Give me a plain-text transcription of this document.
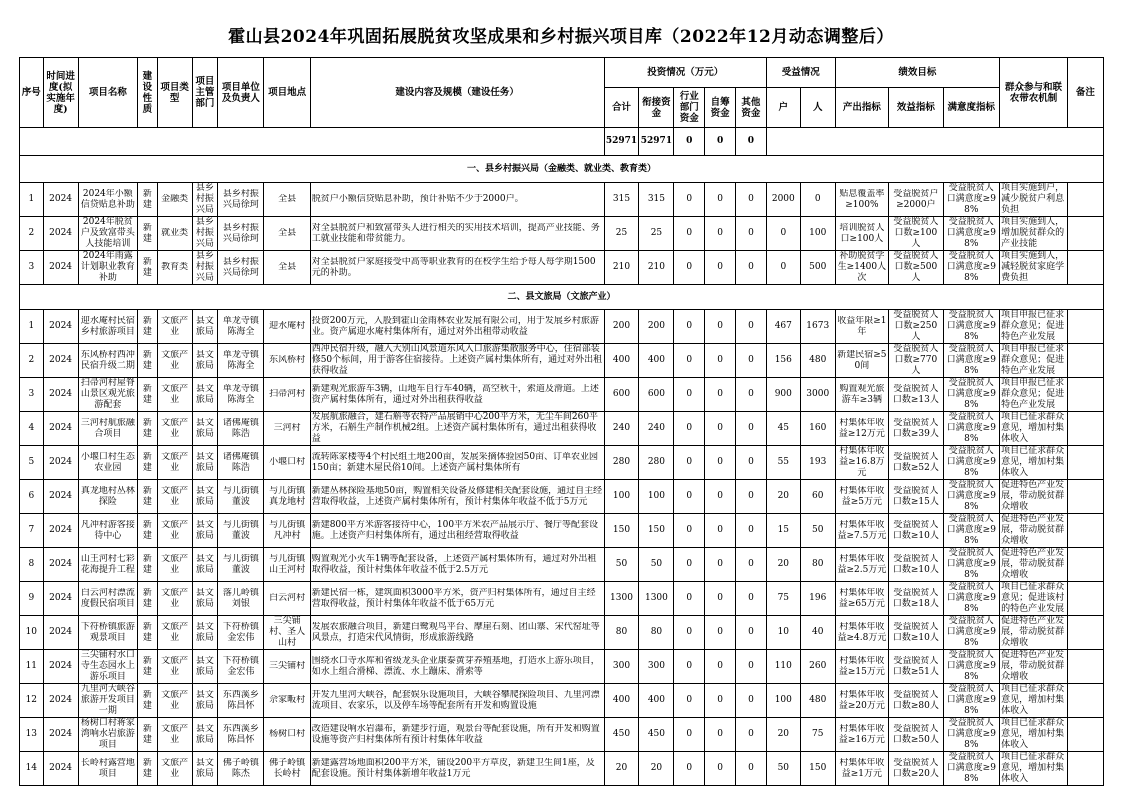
霍山县2024年巩固拓展脱贫攻坚成果和乡村振兴项目库（2022年12月动态调整后）
序号	时间进度(拟实施年度)	项目名称	建设性质	项目类型	项目主管部门	项目单位及负责人	项目地点	建设内容及规模（建设任务）	投资情况（万元）					受益情况		绩效目标			群众参与和联农带农机制	备注
									合计	衔接资金	行业部门资金	自筹资金	其他资金	户	人	产出指标	效益指标	满意度指标		
									52971	52971	0	0	0							
一、县乡村振兴局（金融类、就业类、教育类）																				

1	2024	2024年小额信贷贴息补助	新建	金融类	县乡村振兴局	县乡村振兴局徐珂	全县	脱贫户小额信贷贴息补助，预计补贴不少于2000户。	315	315	0	0	0	2000	0	贴息覆盖率≥100%	受益脱贫户≥2000户	受益脱贫人口满意度≥98%	项目实施到户，减少脱贫户利息负担	

2	2024	2024年脱贫户及致富带头人技能培训	新建	就业类	县乡村振兴局	县乡村振兴局徐珂	全县	对全县脱贫户和致富带头人进行相关的实用技术培训，提高产业技能、务工就业技能和带贫能力。	25	25	0	0	0	0	100	培训脱贫人口≥100人	受益脱贫人口数≥100人	受益脱贫人口满意度≥98%	项目实施到人，增加脱贫群众的产业技能	

3	2024	2024年雨露计划职业教育补助	新建	教育类	县乡村振兴局	县乡村振兴局徐珂	全县	对全县脱贫户家庭接受中高等职业教育的在校学生给予每人每学期1500元的补助。	210	210	0	0	0	0	500	补助脱贫学生≥1400人次	受益脱贫人口数≥500人	受益脱贫人口满意度≥98%	项目实施到人，减轻脱贫家庭学费负担	

二、县文旅局（文旅产业）																				

1	2024	迎水庵村民宿乡村旅游项目	新建	文旅产业	县文旅局	单龙寺镇陈海全	迎水庵村	投资200万元，入股到霍山金雨林农业发展有限公司，用于发展乡村旅游业。资产属迎水庵村集体所有，通过对外出租带动收益	200	200	0	0	0	467	1673	收益年限≥1年	受益脱贫人口数≥250人	受益脱贫人口满意度≥98%	项目申报已征求群众意见；促进特色产业发展	

2	2024	东风桥村西冲民宿升级二期	新建	文旅产业	县文旅局	单龙寺镇陈海全	东风桥村	西冲民宿升级，融入大别山风景道东风入口旅游集散服务中心，住宿部装修50个标间，用于游客住宿接待。上述资产属村集体所有，通过对外出租获得收益	400	400	0	0	0	156	480	新建民宿≥50间	受益脱贫人口数≥770人	受益脱贫人口满意度≥98%	项目申报已征求群众意见；促进特色产业发展	

3	2024	扫帚河村屋脊山景区观光旅游配套	新建	文旅产业	县文旅局	单龙寺镇陈海全	扫帚河村	新建观光旅游车3辆，山地车自行车40辆，高空秋千，索道及滑道。上述资产属村集体所有，通过对外出租获得收益	600	600	0	0	0	900	3000	购置观光旅游车≥3辆	受益脱贫人口数≥13人	受益脱贫人口满意度≥98%	项目申报已征求群众意见；促进特色产业发展	

4	2024	三河村航旅融合项目	新建	文旅产业	县文旅局	诸佛庵镇陈浩	三河村	发展航旅融合，建石斛等农特产品展销中心200平方米，无尘车间260平方米，石斛生产制作机械2组。上述资产属村集体所有，通过出租获得收益	240	240	0	0	0	45	160	村集体年收益≥12万元	受益脱贫人口数≥39人	受益脱贫人口满意度≥98%	项目已征求群众意见，增加村集体收入	

5	2024	小堰口村生态农业园	新建	文旅产业	县文旅局	诸佛庵镇陈浩	小堰口村	流转陈家楼等4个村民组土地200亩，发展采摘体验园50亩、订单农业园150亩；新建木屋民俗10间。上述资产属村集体所有	280	280	0	0	0	55	193	村集体年收益≥16.8万元	受益脱贫人口数≥52人	受益脱贫人口满意度≥98%	项目已征求群众意见，增加村集体收入	

6	2024	真龙地村丛林探险	新建	文旅产业	县文旅局	与儿街镇董波	与儿街镇真龙地村	新建丛林探险基地50亩，购置相关设备及修建相关配套设施，通过自主经营取得收益，上述资产属村集体所有，预计村集体年收益不低于5万元	100	100	0	0	0	20	60	村集体年收益≥5万元	受益脱贫人口数≥15人	受益脱贫人口满意度≥98%	促进特色产业发展，带动脱贫群众增收	

7	2024	凡冲村游客接待中心	新建	文旅产业	县文旅局	与儿街镇董波	与儿街镇凡冲村	新建800平方米游客接待中心，100平方米农产品展示厅、餐厅等配套设施。上述资产归村集体所有，通过出租经营取得收益	150	150	0	0	0	15	50	村集体年收益≥7.5万元	受益脱贫人口数≥10人	受益脱贫人口满意度≥98%	促进特色产业发展，带动脱贫群众增收	

8	2024	山王河村七彩花海提升工程	新建	文旅产业	县文旅局	与儿街镇董波	与儿街镇山王河村	购置观光小火车1辆等配套设备，上述资产属村集体所有，通过对外出租取得收益，预计村集体年收益不低于2.5万元	50	50	0	0	0	20	80	村集体年收益≥2.5万元	受益脱贫人口数≥10人	受益脱贫人口满意度≥98%	促进特色产业发展，带动脱贫群众增收	

9	2024	白云河村漂流度假民宿项目	新建	文旅产业	县文旅局	落儿岭镇刘银	白云河村	新建民宿一栋，建筑面积3000平方米，资产归村集体所有，通过自主经营取得收益，预计村集体年收益不低于65万元	1300	1300	0	0	0	75	196	村集体年收益≥65万元	受益脱贫人口数≥18人	受益脱贫人口满意度≥98%	项目已征求群众意见；促进该村的特色产业发展	

10	2024	下符桥镇旅游观景项目	新建	文旅产业	县文旅局	下符桥镇金宏伟	三尖铺村、圣人山村	发展农旅融合项目，新建白鹭观鸟平台、摩崖石刻、团山寨、宋代窑址等风景点，打造宋代风情街，形成旅游线路	80	80	0	0	0	10	40	村集体年收益≥4.8万元	受益脱贫人口数≥10人	受益脱贫人口满意度≥98%	促进特色产业发展，带动脱贫群众增收	

11	2024	三尖铺村水口寺生态园水上游乐项目	新建	文旅产业	县文旅局	下符桥镇金宏伟	三尖铺村	围绕水口寺水库和省级龙头企业康泰黄芽养殖基地，打造水上游乐项目，如水上组合滑梯、漂流、水上蹦床、滑索等	300	300	0	0	0	110	260	村集体年收益≥15万元	受益脱贫人口数≥51人	受益脱贫人口满意度≥98%	促进特色产业发展，带动脱贫群众增收	

12	2024	九里河大峡谷旅游开发项目一期	新建	文旅产业	县文旅局	东西溪乡陈昌怀	佘家畈村	开发九里河大峡谷，配套娱乐设施项目，大峡谷攀爬探险项目、九里河漂流项目、农家乐，以及停车场等配套所有开发和购置设施	400	400	0	0	0	100	480	村集体年收益≥20万元	受益脱贫人口数≥80人	受益脱贫人口满意度≥98%	项目已征求群众意见，增加村集体收入	

13	2024	杨树口村蒋家湾响水岩旅游项目	新建	文旅产业	县文旅局	东西溪乡陈昌怀	杨树口村	改造建设响水岩瀑布，新建步行道，观景台等配套设施，所有开发和购置设施等资产归村集体所有预计村集体年收益	450	450	0	0	0	20	75	村集体年收益≥16万元	受益脱贫人口数≥50人	受益脱贫人口满意度≥98%	项目已征求群众意见，增加村集体收入	

14	2024	长岭村露营地项目	新建	文旅产业	县文旅局	佛子岭镇陈杰	佛子岭镇长岭村	新建露营场地面积200平方米，铺设200平方草皮，新建卫生间1座，及配套设施。预计村集体新增年收益1万元	20	20	0	0	0	50	150	村集体年收益≥1万元	受益脱贫人口数≥20人	受益脱贫人口满意度≥98%	项目已征求群众意见，增加村集体收入	
